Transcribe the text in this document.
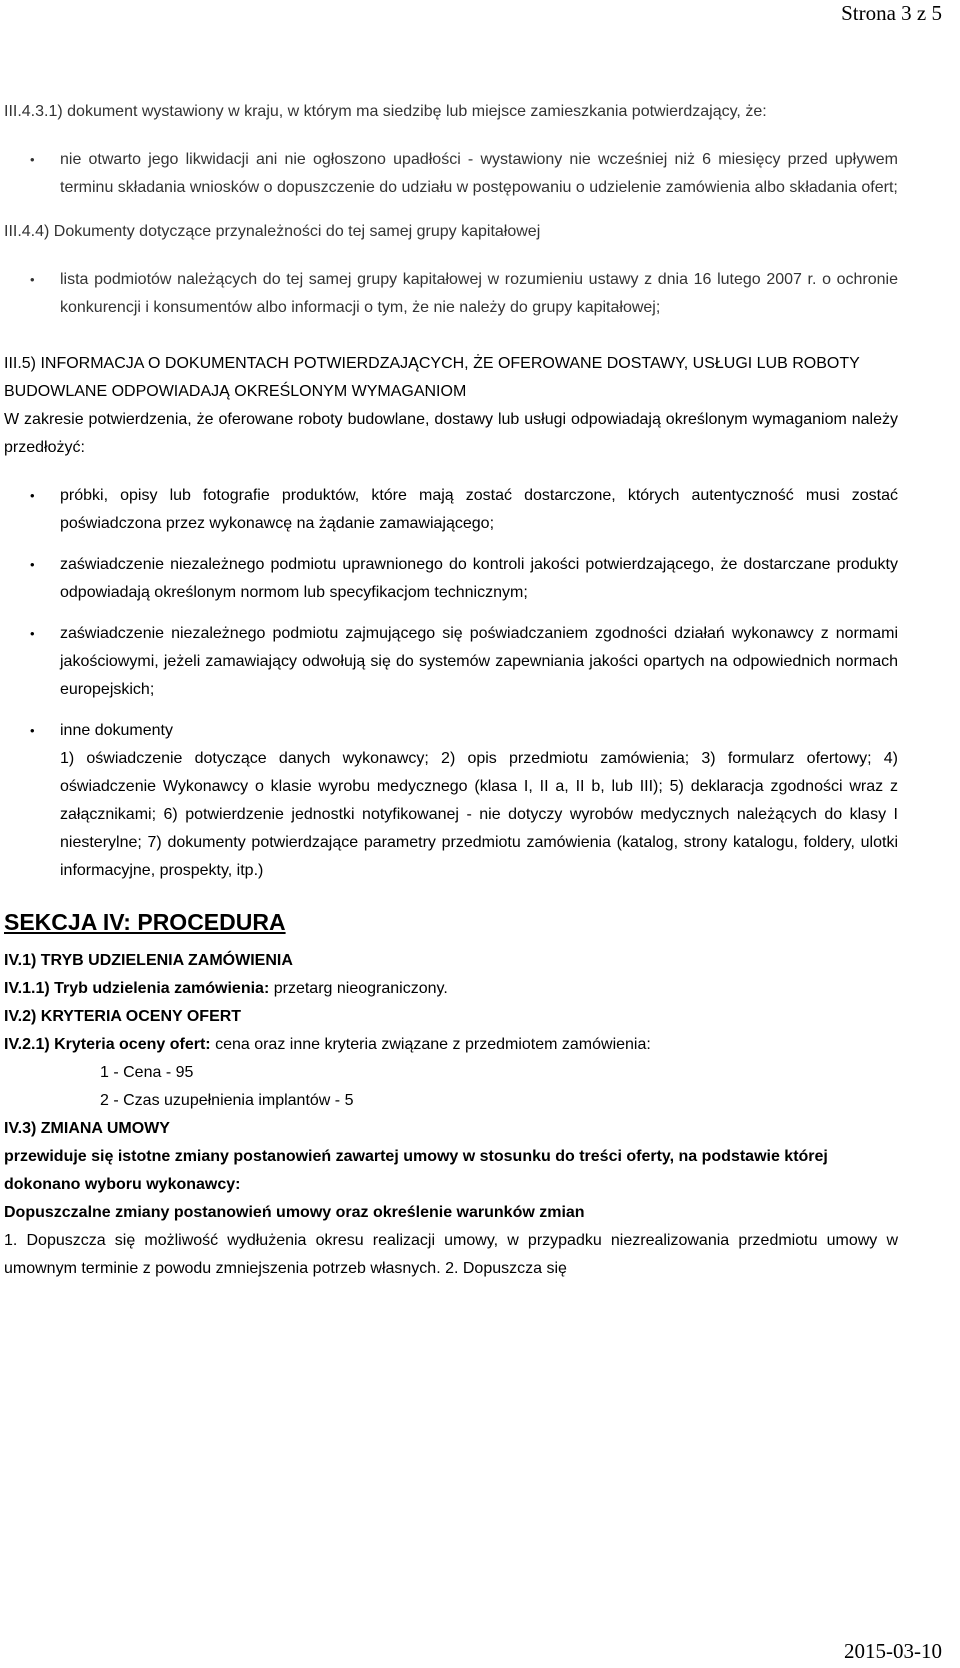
Strona 3 z 5

III.4.3.1) dokument wystawiony w kraju, w którym ma siedzibę lub miejsce zamieszkania potwierdzający, że:

• nie otwarto jego likwidacji ani nie ogłoszono upadłości - wystawiony nie wcześniej niż 6 miesięcy przed upływem terminu składania wniosków o dopuszczenie do udziału w postępowaniu o udzielenie zamówienia albo składania ofert;

III.4.4) Dokumenty dotyczące przynależności do tej samej grupy kapitałowej

• lista podmiotów należących do tej samej grupy kapitałowej w rozumieniu ustawy z dnia 16 lutego 2007 r. o ochronie konkurencji i konsumentów albo informacji o tym, że nie należy do grupy kapitałowej;

III.5) INFORMACJA O DOKUMENTACH POTWIERDZAJĄCYCH, ŻE OFEROWANE DOSTAWY, USŁUGI LUB ROBOTY BUDOWLANE ODPOWIADAJĄ OKREŚLONYM WYMAGANIOM

W zakresie potwierdzenia, że oferowane roboty budowlane, dostawy lub usługi odpowiadają określonym wymaganiom należy przedłożyć:

• próbki, opisy lub fotografie produktów, które mają zostać dostarczone, których autentyczność musi zostać poświadczona przez wykonawcę na żądanie zamawiającego;
• zaświadczenie niezależnego podmiotu uprawnionego do kontroli jakości potwierdzającego, że dostarczane produkty odpowiadają określonym normom lub specyfikacjom technicznym;
• zaświadczenie niezależnego podmiotu zajmującego się poświadczaniem zgodności działań wykonawcy z normami jakościowymi, jeżeli zamawiający odwołują się do systemów zapewniania jakości opartych na odpowiednich normach europejskich;
• inne dokumenty
1) oświadczenie dotyczące danych wykonawcy; 2) opis przedmiotu zamówienia; 3) formularz ofertowy; 4) oświadczenie Wykonawcy o klasie wyrobu medycznego (klasa I, II a, II b, lub III); 5) deklaracja zgodności wraz z załącznikami; 6) potwierdzenie jednostki notyfikowanej - nie dotyczy wyrobów medycznych należących do klasy I niesterylne; 7) dokumenty potwierdzające parametry przedmiotu zamówienia (katalog, strony katalogu, foldery, ulotki informacyjne, prospekty, itp.)

SEKCJA IV: PROCEDURA

IV.1) TRYB UDZIELENIA ZAMÓWIENIA

IV.1.1) Tryb udzielenia zamówienia: przetarg nieograniczony.

IV.2) KRYTERIA OCENY OFERT

IV.2.1) Kryteria oceny ofert: cena oraz inne kryteria związane z przedmiotem zamówienia:

1 - Cena - 95

2 - Czas uzupełnienia implantów - 5

IV.3) ZMIANA UMOWY

przewiduje się istotne zmiany postanowień zawartej umowy w stosunku do treści oferty, na podstawie której dokonano wyboru wykonawcy:

Dopuszczalne zmiany postanowień umowy oraz określenie warunków zmian

1. Dopuszcza się możliwość wydłużenia okresu realizacji umowy, w przypadku niezrealizowania przedmiotu umowy w umownym terminie z powodu zmniejszenia potrzeb własnych. 2. Dopuszcza się

2015-03-10
